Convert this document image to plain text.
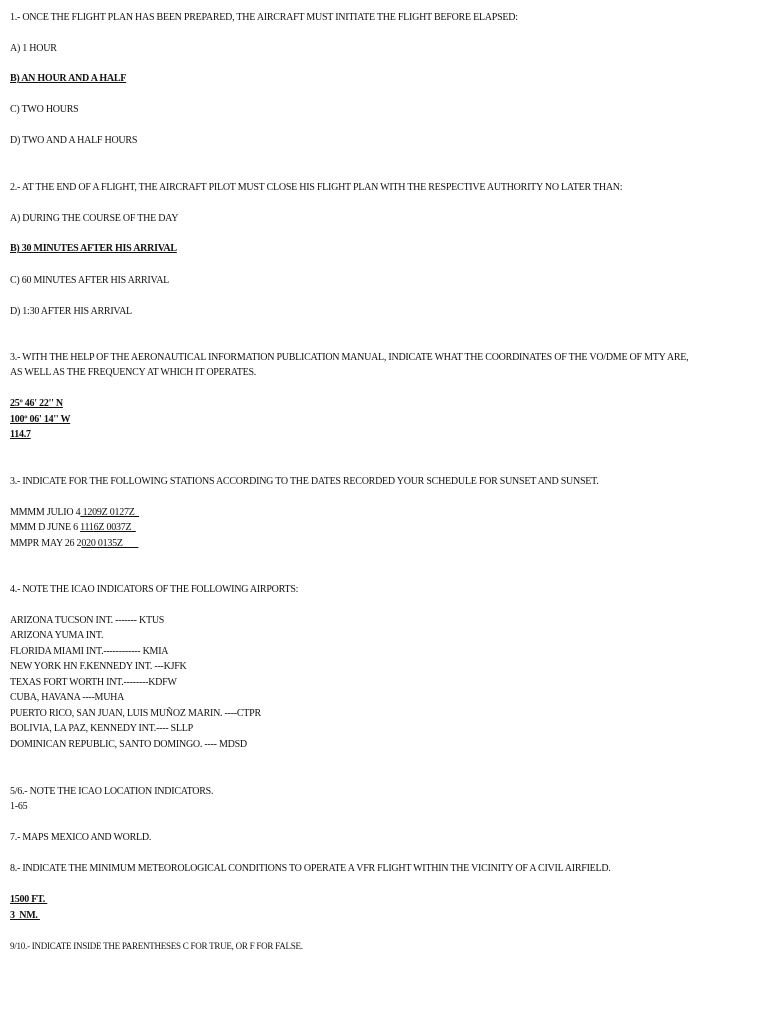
1.- ONCE THE FLIGHT PLAN HAS BEEN PREPARED, THE AIRCRAFT MUST INITIATE THE FLIGHT BEFORE ELAPSED:
A) 1 HOUR
B) AN HOUR AND A HALF
C) TWO HOURS
D) TWO AND A HALF HOURS
2.- AT THE END OF A FLIGHT, THE AIRCRAFT PILOT MUST CLOSE HIS FLIGHT PLAN WITH THE RESPECTIVE AUTHORITY NO LATER THAN:
A) DURING THE COURSE OF THE DAY
B) 30 MINUTES AFTER HIS ARRIVAL
C) 60 MINUTES AFTER HIS ARRIVAL
D) 1:30 AFTER HIS ARRIVAL
3.- WITH THE HELP OF THE AERONAUTICAL INFORMATION PUBLICATION MANUAL, INDICATE WHAT THE COORDINATES OF THE VO/DME OF MTY ARE,
AS WELL AS THE FREQUENCY AT WHICH IT OPERATES.
25º 46' 22'' N
100º 06' 14'' W
114.7
3.- INDICATE FOR THE FOLLOWING STATIONS ACCORDING TO THE DATES RECORDED YOUR SCHEDULE FOR SUNSET AND SUNSET.
MMMM JULIO 4 1209Z 0127Z
MMM D JUNE 6 1116Z 0037Z
MMPR MAY 26 2020 0135Z
4.- NOTE THE ICAO INDICATORS OF THE FOLLOWING AIRPORTS:
ARIZONA TUCSON INT. ------- KTUS
ARIZONA YUMA INT.
FLORIDA MIAMI INT.------------ KMIA
NEW YORK HN F.KENNEDY INT. ---KJFK
TEXAS FORT WORTH INT.--------KDFW
CUBA, HAVANA ----MUHA
PUERTO RICO, SAN JUAN, LUIS MUÑOZ MARIN. ----CTPR
BOLIVIA, LA PAZ, KENNEDY INT.---- SLLP
DOMINICAN REPUBLIC, SANTO DOMINGO. ---- MDSD
5/6.- NOTE THE ICAO LOCATION INDICATORS.
1-65
7.- MAPS MEXICO AND WORLD.
8.- INDICATE THE MINIMUM METEOROLOGICAL CONDITIONS TO OPERATE A VFR FLIGHT WITHIN THE VICINITY OF A CIVIL AIRFIELD.
1500 FT.
3  NM.
9/10.- INDICATE INSIDE THE PARENTHESES C FOR TRUE, OR F FOR FALSE.
